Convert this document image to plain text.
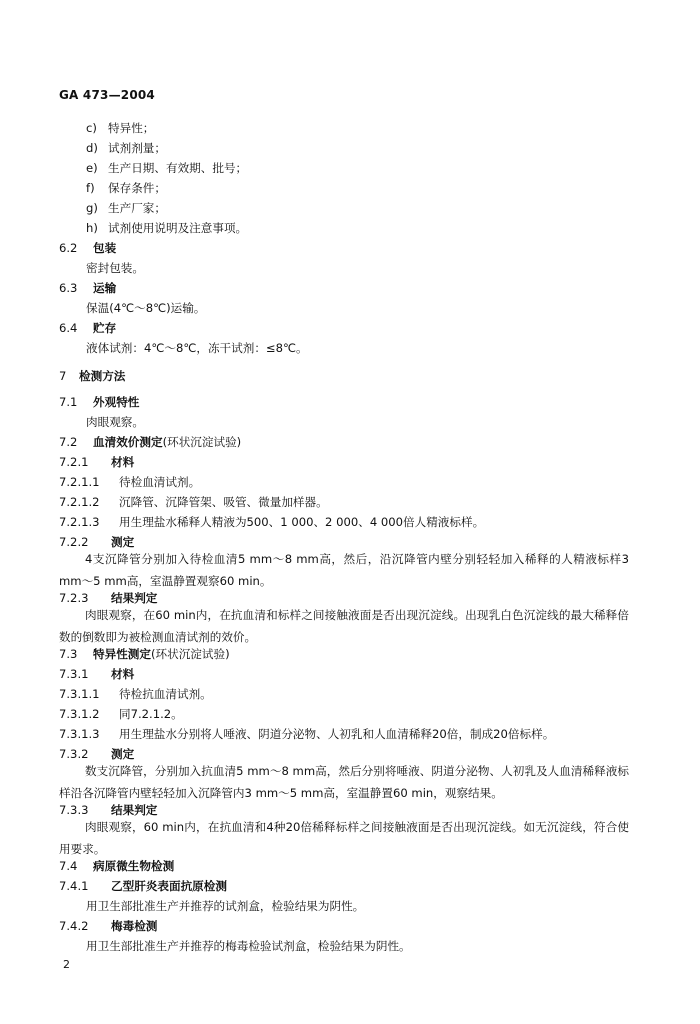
GA 473—2004
c) 特异性；
d) 试剂剂量；
e) 生产日期、有效期、批号；
f) 保存条件；
g) 生产厂家；
h) 试剂使用说明及注意事项。
6.2 包装
密封包装。
6.3 运输
保温(4℃～8℃)运输。
6.4 贮存
液体试剂：4℃～8℃，冻干试剂：≤8℃。
7 检测方法
7.1 外观特性
肉眼观察。
7.2 血清效价测定(环状沉淀试验)
7.2.1 材料
7.2.1.1 待检血清试剂。
7.2.1.2 沉降管、沉降管架、吸管、微量加样器。
7.2.1.3 用生理盐水稀释人精液为500、1 000、2 000、4 000倍人精液标样。
7.2.2 测定
4支沉降管分别加入待检血清5 mm～8 mm高，然后，沿沉降管内壁分别轻轻加入稀释的人精液标样3 mm～5 mm高，室温静置观察60 min。
7.2.3 结果判定
肉眼观察，在60 min内，在抗血清和标样之间接触液面是否出现沉淀线。出现乳白色沉淀线的最大稀释倍数的倒数即为被检测血清试剂的效价。
7.3 特异性测定(环状沉淀试验)
7.3.1 材料
7.3.1.1 待检抗血清试剂。
7.3.1.2 同7.2.1.2。
7.3.1.3 用生理盐水分别将人唾液、阴道分泌物、人初乳和人血清稀释20倍，制成20倍标样。
7.3.2 测定
数支沉降管，分别加入抗血清5 mm～8 mm高，然后分别将唾液、阴道分泌物、人初乳及人血清稀释液标样沿各沉降管内壁轻轻加入沉降管内3 mm～5 mm高，室温静置60 min，观察结果。
7.3.3 结果判定
肉眼观察，60 min内，在抗血清和4种20倍稀释标样之间接触液面是否出现沉淀线。如无沉淀线，符合使用要求。
7.4 病原微生物检测
7.4.1 乙型肝炎表面抗原检测
用卫生部批准生产并推荐的试剂盒，检验结果为阴性。
7.4.2 梅毒检测
用卫生部批准生产并推荐的梅毒检验试剂盒，检验结果为阴性。
2
